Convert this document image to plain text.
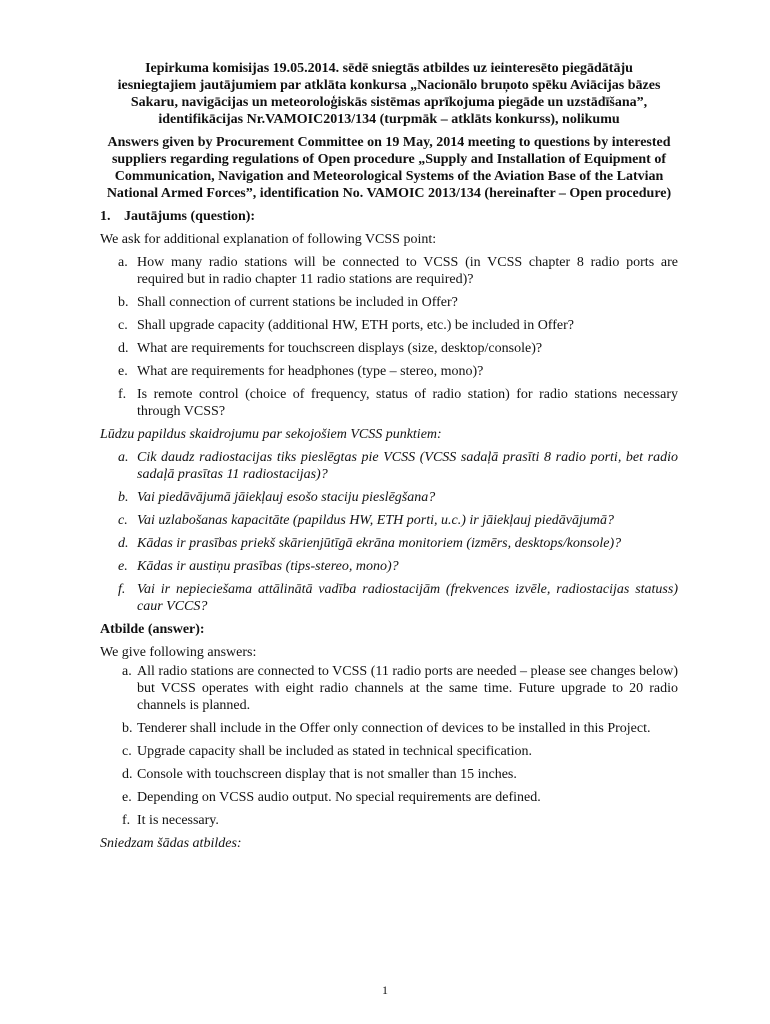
Iepirkuma komisijas 19.05.2014. sēdē sniegtās atbildes uz ieinteresēto piegādātāju iesniegtajiem jautājumiem par atklāta konkursa „Nacionālo bruņoto spēku Aviācijas bāzes Sakaru, navigācijas un meteoroloģiskās sistēmas aprīkojuma piegāde un uzstādīšana”, identifikācijas Nr.VAMOIC2013/134 (turpmāk – atklāts konkurss), nolikumu

Answers given by Procurement Committee on 19 May, 2014 meeting to questions by interested suppliers regarding regulations of Open procedure „Supply and Installation of Equipment of Communication, Navigation and Meteorological Systems of the Aviation Base of the Latvian National Armed Forces”, identification No. VAMOIC 2013/134 (hereinafter – Open procedure)

1. Jautājums (question):

We ask for additional explanation of following VCSS point:

a. How many radio stations will be connected to VCSS (in VCSS chapter 8 radio ports are required but in radio chapter 11 radio stations are required)?
b. Shall connection of current stations be included in Offer?
c. Shall upgrade capacity (additional HW, ETH ports, etc.) be included in Offer?
d. What are requirements for touchscreen displays (size, desktop/console)?
e. What are requirements for headphones (type – stereo, mono)?
f. Is remote control (choice of frequency, status of radio station) for radio stations necessary through VCSS?

Lūdzu papildus skaidrojumu par sekojošiem VCSS punktiem:

a. Cik daudz radiostacijas tiks pieslēgtas pie VCSS (VCSS sadaļā prasīti 8 radio porti, bet radio sadaļā prasītas 11 radiostacijas)?
b. Vai piedāvājumā jāiekļauj esošo staciju pieslēgšana?
c. Vai uzlabošanas kapacitāte (papildus HW, ETH porti, u.c.) ir jāiekļauj piedāvājumā?
d. Kādas ir prasības priekš skārienjūtīgā ekrāna monitoriem (izmērs, desktops/konsole)?
e. Kādas ir austiņu prasības (tips-stereo, mono)?
f. Vai ir nepieciešama attālinātā vadība radiostacijām (frekvences izvēle, radiostacijas statuss) caur VCCS?
Atbilde (answer):

We give following answers:

a. All radio stations are connected to VCSS (11 radio ports are needed – please see changes below) but VCSS operates with eight radio channels at the same time. Future upgrade to 20 radio channels is planned.
b. Tenderer shall include in the Offer only connection of devices to be installed in this Project.
c. Upgrade capacity shall be included as stated in technical specification.
d. Console with touchscreen display that is not smaller than 15 inches.
e. Depending on VCSS audio output. No special requirements are defined.
f. It is necessary.

Sniedzam šādas atbildes:

1
